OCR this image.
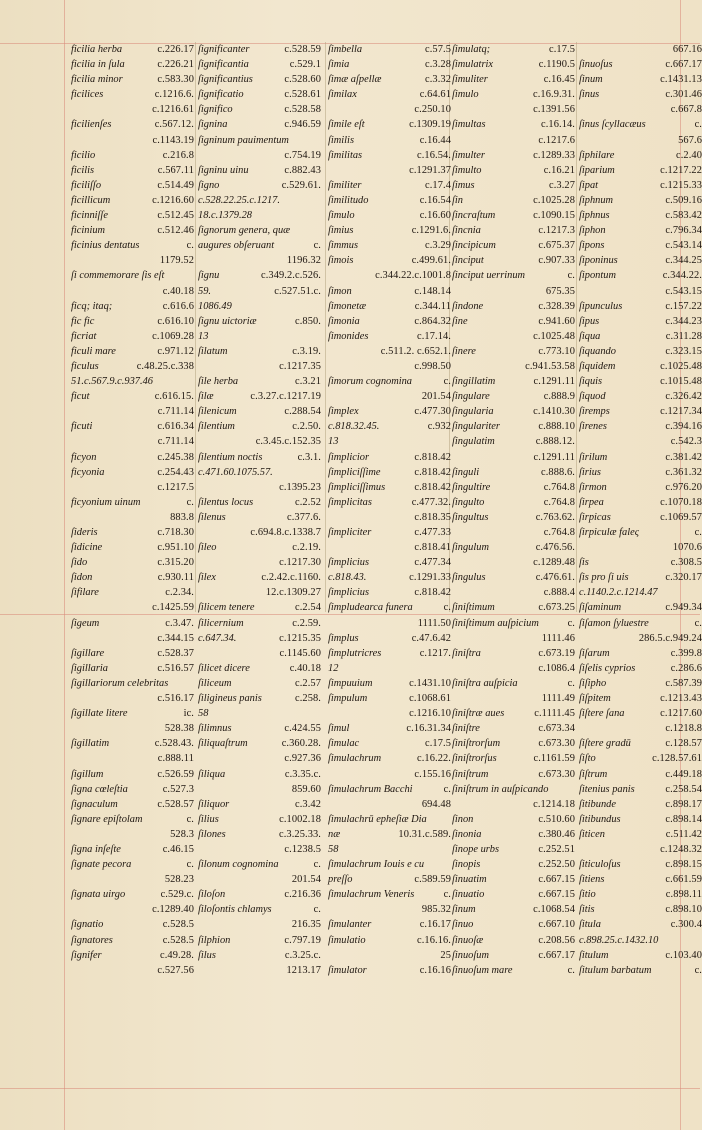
ficilia herba	c.226.17
ficilia in ſula	c.226.21
ficilia minor	c.583.30
ficilices	c.1216.6.
c.1216.61
ficilienſes	c.567.12.
c.1143.19
ficilio	c.216.8
ficilis	c.567.11
ficiliſſo	c.514.49
ficillicum	c.1216.60
ficinniſſe	c.512.45
ficinium	c.512.46
ficinius dentatus	c.
1179.52
ſi commemorare ſis eſt
c.40.18
ficq; itaq;	c.616.6
fic fic	c.616.10
ficriat	c.1069.28
ficuli mare	c.971.12
ficulus	c.48.25.c.338
51.c.567.9.c.937.46
ficut	c.616.15.
c.711.14
ficuti	c.616.34
c.711.14
ficyon	c.245.38
ficyonia	c.254.43
c.1217.5
ficyonium uinum	c.
883.8
ſideris	c.718.30
ſidicine	c.951.10
ſido	c.315.20
ſidon	c.930.11
ſifilare	c.2.34.
c.1425.59
ſigeum	c.3.47.
c.344.15
ſigillare	c.528.37
ſigillaria	c.516.57
ſigillariorum celebritas
c.516.17
ſigillate litere	ic.
528.38
ſigillatim	c.528.43.
c.888.11
ſigillum	c.526.59
ſigna cœleſtia	c.527.3
ſignaculum	c.528.57
ſignare epiſtolam	c.
528.3
ſigna inſeſte	c.46.15
ſignate pecora	c.
528.23
ſignata uirgo	c.529.c.
c.1289.40
ſignatio	c.528.5
ſignatores	c.528.5
ſignifer	c.49.28.
c.527.56
ſignificanter	c.528.59
ſignificantia	c.529.1
ſignificantius	c.528.60
ſignificatio	c.528.61
ſignifico	c.528.58
ſignina	c.946.59
ſigninum pauimentum
c.754.19
ſigninu uinu	c.882.43
ſigno	c.529.61.
c.528.22.25.c.1217.
18.c.1379.28
ſignorum genera, quæ
augures obſeruant	c.
1196.32
ſignu	c.349.2.c.526.
59.	c.527.51.c.
1086.49
ſignu uictoriæ	c.850.
13
ſilatum	c.3.19.
c.1217.35
ſile herba	c.3.21
ſilæ	c.3.27.c.1217.19
ſilenicum	c.288.54
ſilentium	c.2.50.
c.3.45.c.152.35
ſilentium noctis	c.3.1.
c.471.60.1075.57.
c.1395.23
ſilentus locus	c.2.52
ſilenus	c.377.6.
c.694.8.c.1338.7
ſileo	c.2.19.
c.1217.30
ſilex	c.2.42.c.1160.
12.c.1309.27
ſilicem tenere	c.2.54
ſilicernium	c.2.59.
c.647.34.	c.1215.35
c.1145.60
ſilicet dicere	c.40.18
ſiliceum	c.2.57
ſiligineus panis	c.258.
58
ſilimnus	c.424.55
ſiliquaſtrum	c.360.28.
c.927.36
ſiliqua	c.3.35.c.
859.60
ſiliquor	c.3.42
ſilius	c.1002.18
ſilones	c.3.25.33.
c.1238.5
ſilonum cognomina	c.
201.54
ſiloſon	c.216.36
ſiloſontis chlamys	c.
216.35
ſilphion	c.797.19
ſilus	c.3.25.c.
1213.17
ſimbella	c.57.5
ſimia	c.3.28
ſimæ aſpellæ	c.3.32
ſimilax	c.64.61
c.250.10
ſimile eſt	c.1309.19
ſimilis	c.16.44
ſimilitas	c.16.54.
c.1291.37
ſimiliter	c.17.4
ſimilitudo	c.16.54
ſimulo	c.16.60
ſimius	c.1291.6.
ſimmus	c.3.29
ſimois	c.499.61.
c.344.22.c.1001.8
ſimon	c.148.14
ſimonetæ	c.344.11
ſimonia	c.864.32
ſimonides	c.17.14.
c.511.2. c.652.1.
c.998.50
ſimorum cognomina	c.
201.54
ſimplex	c.477.30
c.818.32.45.	c.932
13
ſimplicior	c.818.42
ſimpliciſſime	c.818.42
ſimpliciſſimus	c.818.42
ſimplicitas	c.477.32.
c.818.35
ſimpliciter	c.477.33
c.818.41
ſimplicius	c.477.34
c.818.43.	c.1291.33
ſimplicius	c.818.42
ſimpludearca funera	c.
1111.50
ſimplus	c.47.6.42
ſimplutricres	c.1217.
12
ſimpuuium	c.1431.10
ſimpulum	c.1068.61
c.1216.10
ſimul	c.16.31.34
ſimulac	c.17.5
ſimulachrum	c.16.22.
c.155.16
ſimulachrum Bacchi	c.
694.48
ſimulachrū epheſiæ Dia
næ	10.31.c.589.
58
ſimulachrum Iouis e cu
preſſo	c.589.59
ſimulachrum Veneris	c.
985.32
ſimulanter	c.16.17
ſimulatio	c.16.16.
25
ſimulator	c.16.16
ſimulatq;	c.17.5
ſimulatrix	c.1190.5
ſimuliter	c.16.45
ſimulo	c.16.9.31.
c.1391.56
ſimultas	c.16.14.
c.1217.6
ſimulter	c.1289.33
ſimulto	c.16.21
ſimus	c.3.27
ſin	c.1025.28
ſincraſtum	c.1090.15
ſincnia	c.1217.3
ſincipicum	c.675.37
ſinciput	c.907.33
ſinciput uerrinum	c.
675.35
ſindone	c.328.39
ſine	c.941.60
c.1025.48
ſinere	c.773.10
c.941.53.58
ſingillatim	c.1291.11
ſingulare	c.888.9
ſingularia	c.1410.30
ſingulariter	c.888.10
ſingulatim	c.888.12.
c.1291.11
ſinguli	c.888.6.
ſingultire	c.764.8
ſingulto	c.764.8
ſingultus	c.763.62.
c.764.8
ſingulum	c.476.56.
c.1289.48
ſingulus	c.476.61.
c.888.4
ſiniſtimum	c.673.25
ſiniſtimum auſpicium	c.
1111.46
ſiniſtra	c.673.19
c.1086.4
ſiniſtra auſpicia	c.
1111.49
ſiniſtræ aues	c.1111.45
ſiniſtre	c.673.34
ſiniſtrorſum	c.673.30
ſiniſtrorſus	c.1161.59
ſiniſtrum	c.673.30
ſiniſtrum in auſpicando
c.1214.18
ſinon	c.510.60
ſinonia	c.380.46
ſinope urbs	c.252.51
ſinopis	c.252.50
ſinuatim	c.667.15
ſinuatio	c.667.15
ſinum	c.1068.54
ſinuo	c.667.10
ſinuoſæ	c.208.56
ſinuoſum	c.667.17
ſinuoſum mare	c.
667.16
ſinuoſus	c.667.17
ſinum	c.1431.13
ſinus	c.301.46
c.667.8
ſinus ſcyllacæus	c.
567.6
ſiphilare	c.2.40
ſiparium	c.1217.22
ſipat	c.1215.33
ſiphnum	c.509.16
ſiphnus	c.583.42
ſiphon	c.796.34
ſipons	c.543.14
ſiponinus	c.344.25
ſipontum	c.344.22.
c.543.15
ſipunculus	c.157.22
ſipus	c.344.23
ſiqua	c.311.28
ſiquando	c.323.15
ſiquidem	c.1025.48
ſiquis	c.1015.48
ſiquod	c.326.42
ſiremps	c.1217.34
ſirenes	c.394.16
c.542.3
ſirilum	c.381.42
ſirius	c.361.32
ſirmon	c.976.20
ſirpea	c.1070.18
ſirpicas	c.1069.57
ſirpiculæ faleς	c.
1070.6
ſis	c.308.5
ſis pro ſi uis	c.320.17
c.1140.2.c.1214.47
ſiſaminum	c.949.34
ſiſamon ſyluestre	c.
286.5.c.949.24
ſiſarum	c.399.8
ſiſelis cyprios	c.286.6
ſiſipho	c.587.39
ſiſpitem	c.1213.43
ſiſtere ſana	c.1217.60
c.1218.8
ſiſtere gradū	c.128.57
ſiſto	c.128.57.61
ſiſtrum	c.449.18
ſitenius panis	c.258.54
ſitibunde	c.898.17
ſitibundus	c.898.14
ſiticen	c.511.42
c.1248.32
ſiticuloſus	c.898.15
ſitiens	c.661.59
ſitio	c.898.11
ſitis	c.898.10
ſitula	c.300.4
c.898.25.c.1432.10
ſitulum	c.103.40
ſitulum barbatum	c.
